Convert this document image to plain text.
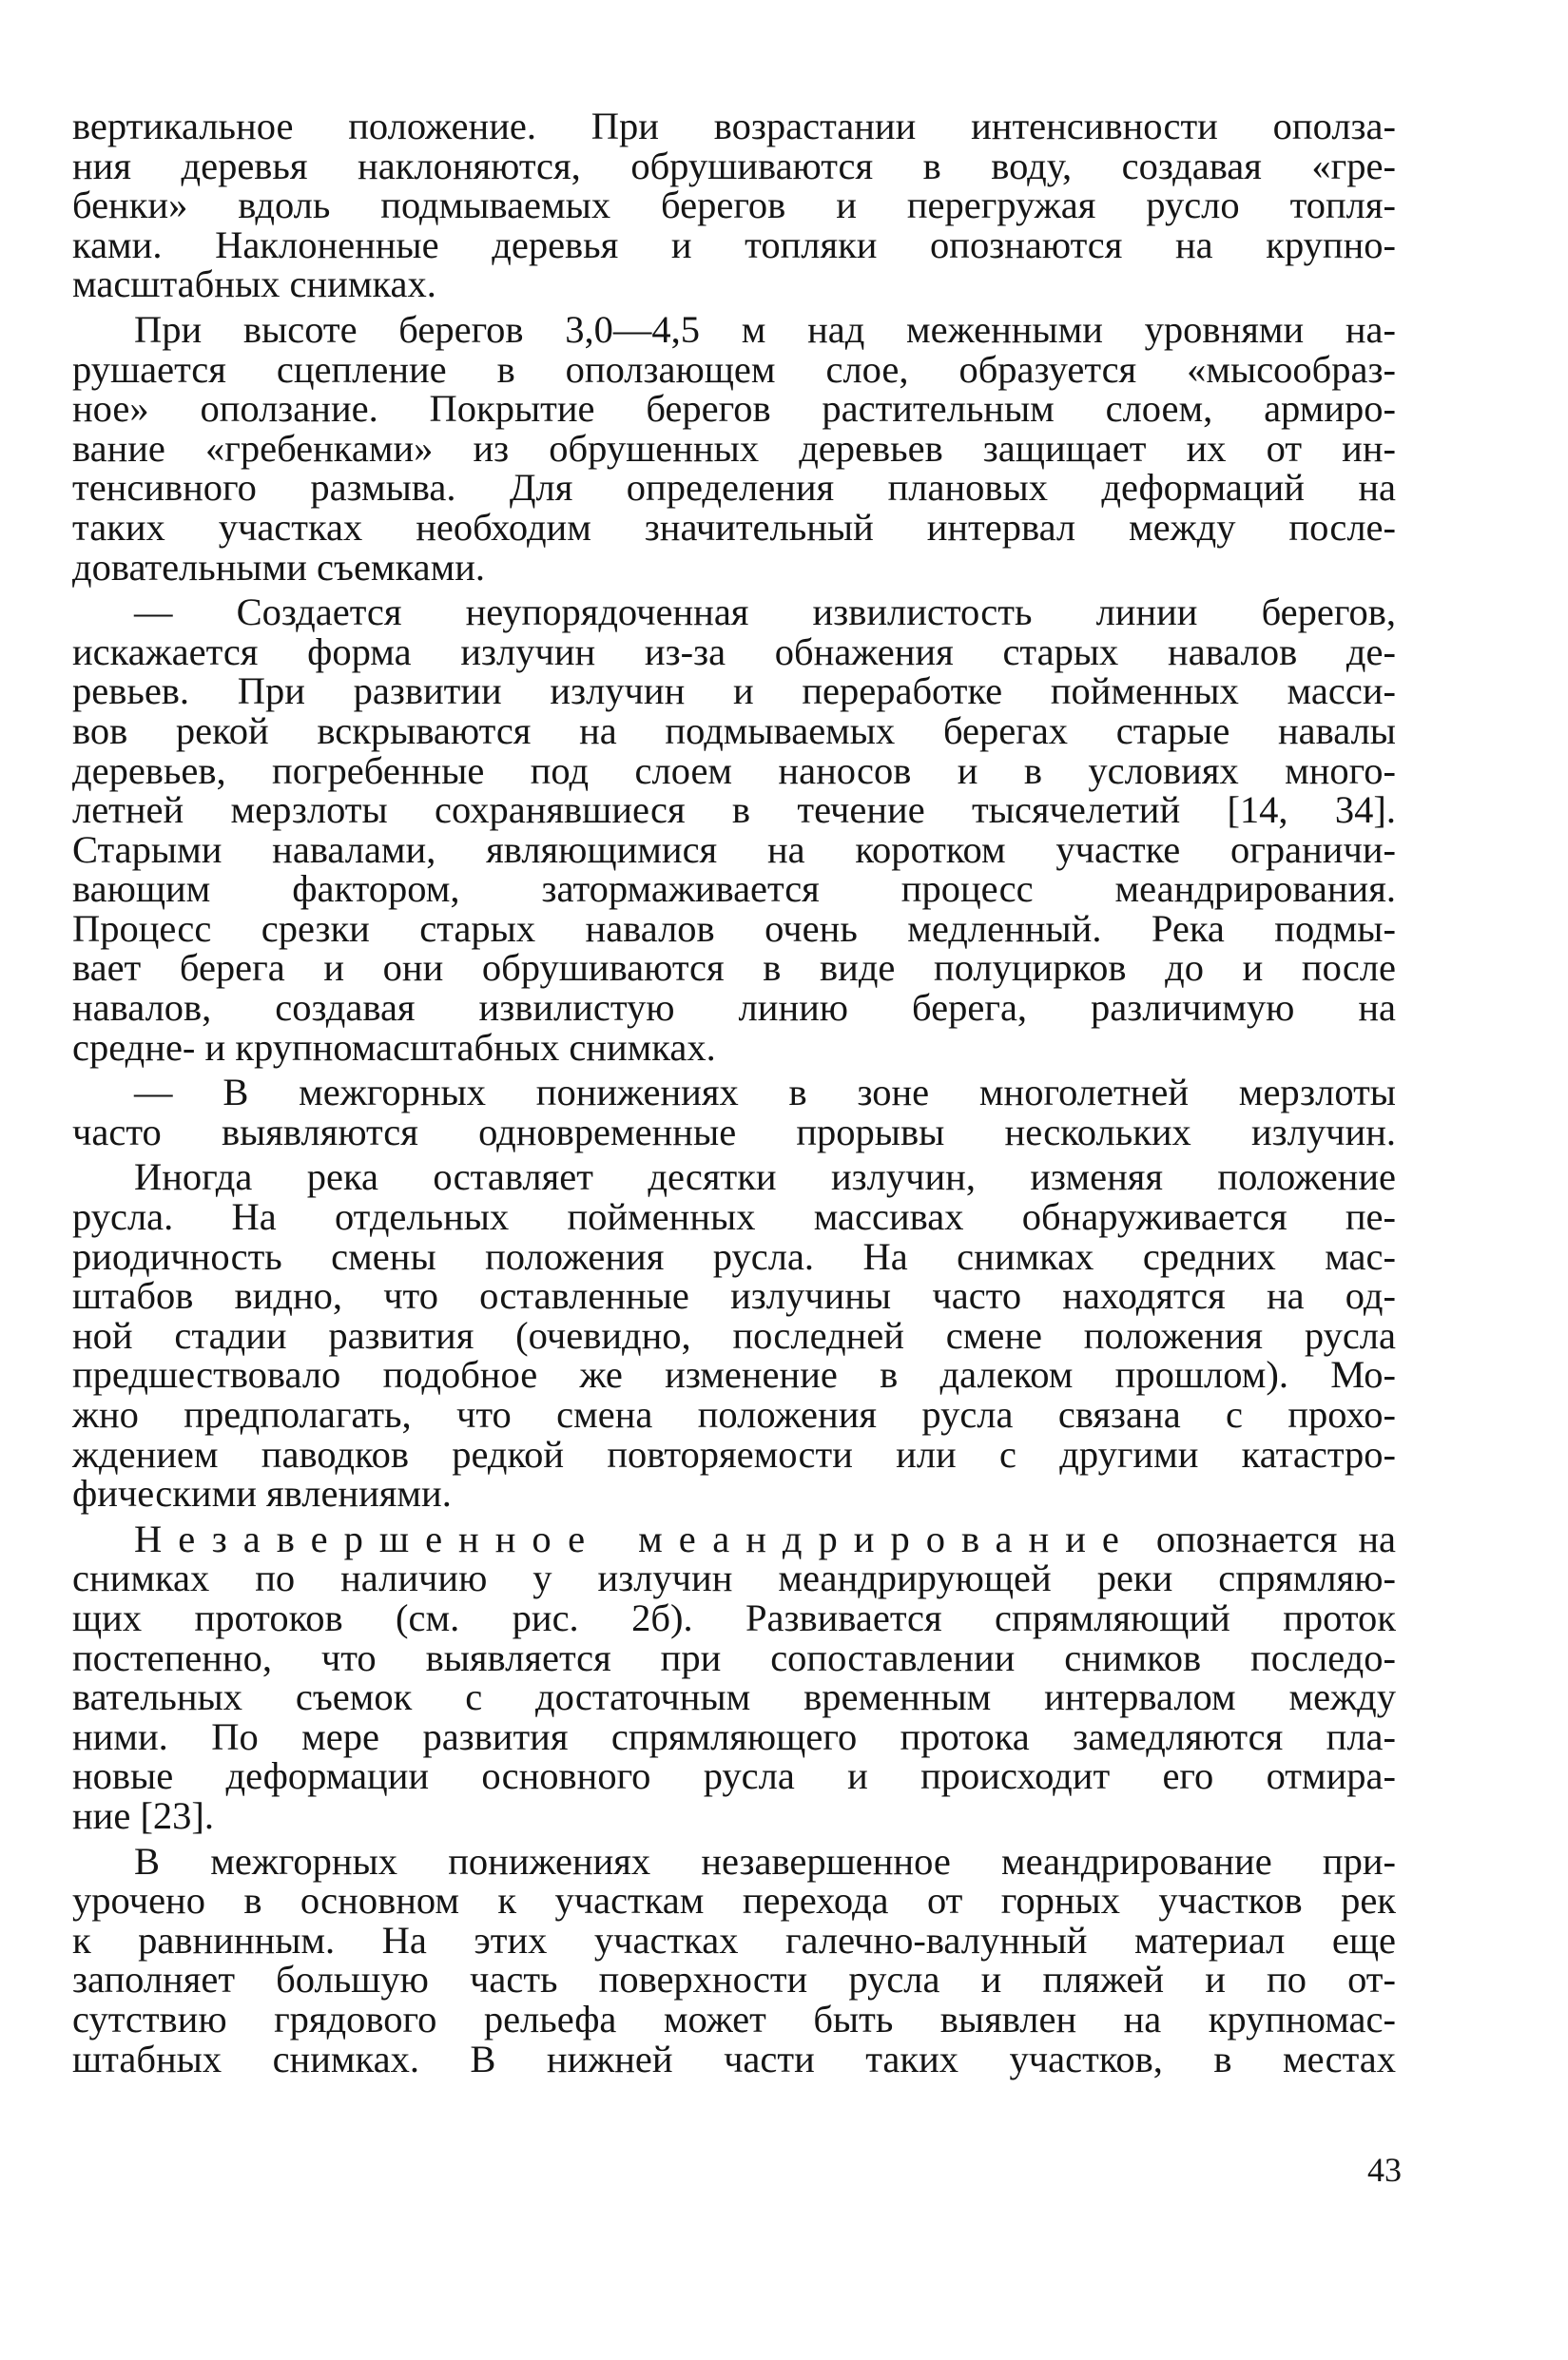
вертикальное положение. При возрастании интенсивности ополза-
ния деревья наклоняются, обрушиваются в воду, создавая «гре-
бенки» вдоль подмываемых берегов и перегружая русло топля-
ками. Наклоненные деревья и топляки опознаются на крупно-
масштабных снимках.
При высоте берегов 3,0—4,5 м над меженными уровнями на-
рушается сцепление в оползающем слое, образуется «мысообраз-
ное» оползание. Покрытие берегов растительным слоем, армиро-
вание «гребенками» из обрушенных деревьев защищает их от ин-
тенсивного размыва. Для определения плановых деформаций на
таких участках необходим значительный интервал между после-
довательными съемками.
— Создается неупорядоченная извилистость линии берегов,
искажается форма излучин из-за обнажения старых навалов де-
ревьев. При развитии излучин и переработке пойменных масси-
вов рекой вскрываются на подмываемых берегах старые навалы
деревьев, погребенные под слоем наносов и в условиях много-
летней мерзлоты сохранявшиеся в течение тысячелетий [14, 34].
Старыми навалами, являющимися на коротком участке ограничи-
вающим фактором, затормаживается процесс меандрирования.
Процесс срезки старых навалов очень медленный. Река подмы-
вает берега и они обрушиваются в виде полуцирков до и после
навалов, создавая извилистую линию берега, различимую на
средне- и крупномасштабных снимках.
— В межгорных понижениях в зоне многолетней мерзлоты
часто выявляются одновременные прорывы нескольких излучин.
Иногда река оставляет десятки излучин, изменяя положение
русла. На отдельных пойменных массивах обнаруживается пе-
риодичность смены положения русла. На снимках средних мас-
штабов видно, что оставленные излучины часто находятся на од-
ной стадии развития (очевидно, последней смене положения русла
предшествовало подобное же изменение в далеком прошлом). Мо-
жно предполагать, что смена положения русла связана с прохо-
ждением паводков редкой повторяемости или с другими катастро-
фическими явлениями.
Незавершенное меандрирование опознается на
снимках по наличию у излучин меандрирующей реки спрямляю-
щих протоков (см. рис. 2б). Развивается спрямляющий проток
постепенно, что выявляется при сопоставлении снимков последо-
вательных съемок с достаточным временным интервалом между
ними. По мере развития спрямляющего протока замедляются пла-
новые деформации основного русла и происходит его отмира-
ние [23].
В межгорных понижениях незавершенное меандрирование при-
урочено в основном к участкам перехода от горных участков рек
к равнинным. На этих участках галечно-валунный материал еще
заполняет большую часть поверхности русла и пляжей и по от-
сутствию грядового рельефа может быть выявлен на крупномас-
штабных снимках. В нижней части таких участков, в местах
43
